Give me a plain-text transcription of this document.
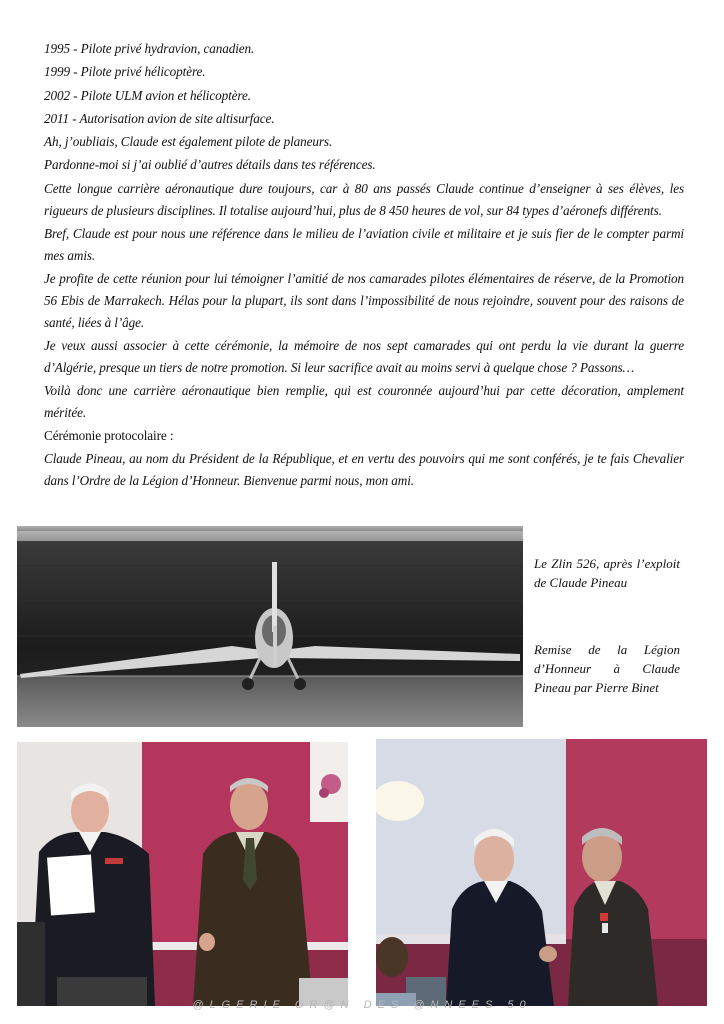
1995 - Pilote privé hydravion, canadien.

1999 - Pilote privé hélicoptère.

2002 - Pilote ULM avion et hélicoptère.

2011 - Autorisation avion de site altisurface.

Ah, j’oubliais, Claude est également pilote de planeurs.

Pardonne-moi si j’ai oublié d’autres détails dans tes références.

Cette longue carrière aéronautique dure toujours, car à 80 ans passés Claude continue d’enseigner à ses élèves, les rigueurs de plusieurs disciplines. Il totalise aujourd’hui, plus de 8 450 heures de vol, sur 84 types d’aéronefs différents.

Bref, Claude est pour nous une référence dans le milieu de l’aviation civile et militaire et je suis fier de le compter parmi mes amis.

Je profite de cette réunion pour lui témoigner l’amitié de nos camarades pilotes élémentaires de réserve, de la Promotion 56 Ebis de Marrakech. Hélas pour la plupart, ils sont dans l’impossibilité de nous rejoindre, souvent pour des raisons de santé, liées à l’âge.

Je veux aussi associer à cette cérémonie, la mémoire de nos sept camarades qui ont perdu la vie durant la guerre d’Algérie, presque un tiers de notre promotion. Si leur sacrifice avait au moins servi à quelque chose ? Passons…

Voilà donc une carrière aéronautique bien remplie, qui est couronnée aujourd’hui par cette décoration, amplement méritée.

Cérémonie protocolaire :

Claude Pineau, au nom du Président de la République, et en vertu des pouvoirs qui me sont conférés, je te fais Chevalier dans l’Ordre de la Légion d’Honneur. Bienvenue parmi nous, mon ami.

Le Zlin 526, après l’exploit de Claude Pineau
Remise de la Légion d’Honneur à Claude Pineau par Pierre Binet
@LGERIE OR@N DES @NNEES 50
